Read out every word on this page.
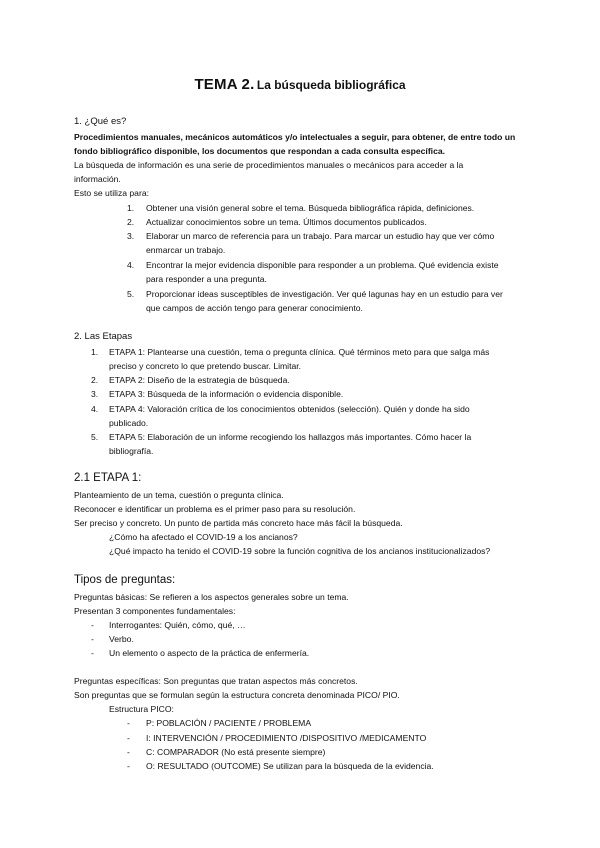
TEMA 2. La búsqueda bibliográfica
1. ¿Qué es?
Procedimientos manuales, mecánicos automáticos y/o intelectuales a seguir, para obtener, de entre todo un
fondo bibliográfico disponible, los documentos que respondan a cada consulta específica.
La búsqueda de información es una serie de procedimientos manuales o mecánicos para acceder a la
información.
Esto se utiliza para:
1. Obtener una visión general sobre el tema. Búsqueda bibliográfica rápida, definiciones.
2. Actualizar conocimientos sobre un tema. Últimos documentos publicados.
3. Elaborar un marco de referencia para un trabajo. Para marcar un estudio hay que ver cómo
enmarcar un trabajo.
4. Encontrar la mejor evidencia disponible para responder a un problema. Qué evidencia existe
para responder a una pregunta.
5. Proporcionar ideas susceptibles de investigación. Ver qué lagunas hay en un estudio para ver
que campos de acción tengo para generar conocimiento.
2. Las Etapas
1. ETAPA 1: Plantearse una cuestión, tema o pregunta clínica. Qué términos meto para que salga más
preciso y concreto lo que pretendo buscar. Limitar.
2. ETAPA 2: Diseño de la estrategia de búsqueda.
3. ETAPA 3: Búsqueda de la información o evidencia disponible.
4. ETAPA 4: Valoración crítica de los conocimientos obtenidos (selección). Quién y donde ha sido
publicado.
5. ETAPA 5: Elaboración de un informe recogiendo los hallazgos más importantes. Cómo hacer la
bibliografía.
2.1 ETAPA 1:
Planteamiento de un tema, cuestión o pregunta clínica.
Reconocer e identificar un problema es el primer paso para su resolución.
Ser preciso y concreto. Un punto de partida más concreto hace más fácil la búsqueda.
¿Cómo ha afectado el COVID-19 a los ancianos?
¿Qué impacto ha tenido el COVID-19 sobre la función cognitiva de los ancianos institucionalizados?
Tipos de preguntas:
Preguntas básicas: Se refieren a los aspectos generales sobre un tema.
Presentan 3 componentes fundamentales:
- Interrogantes: Quién, cómo, qué, …
- Verbo.
- Un elemento o aspecto de la práctica de enfermería.
Preguntas específicas: Son preguntas que tratan aspectos más concretos.
Son preguntas que se formulan según la estructura concreta denominada PICO/ PIO.
Estructura PICO:
- P: POBLACIÓN / PACIENTE / PROBLEMA
- I: INTERVENCIÓN / PROCEDIMIENTO /DISPOSITIVO /MEDICAMENTO
- C: COMPARADOR (No está presente siempre)
- O: RESULTADO (OUTCOME) Se utilizan para la búsqueda de la evidencia.
